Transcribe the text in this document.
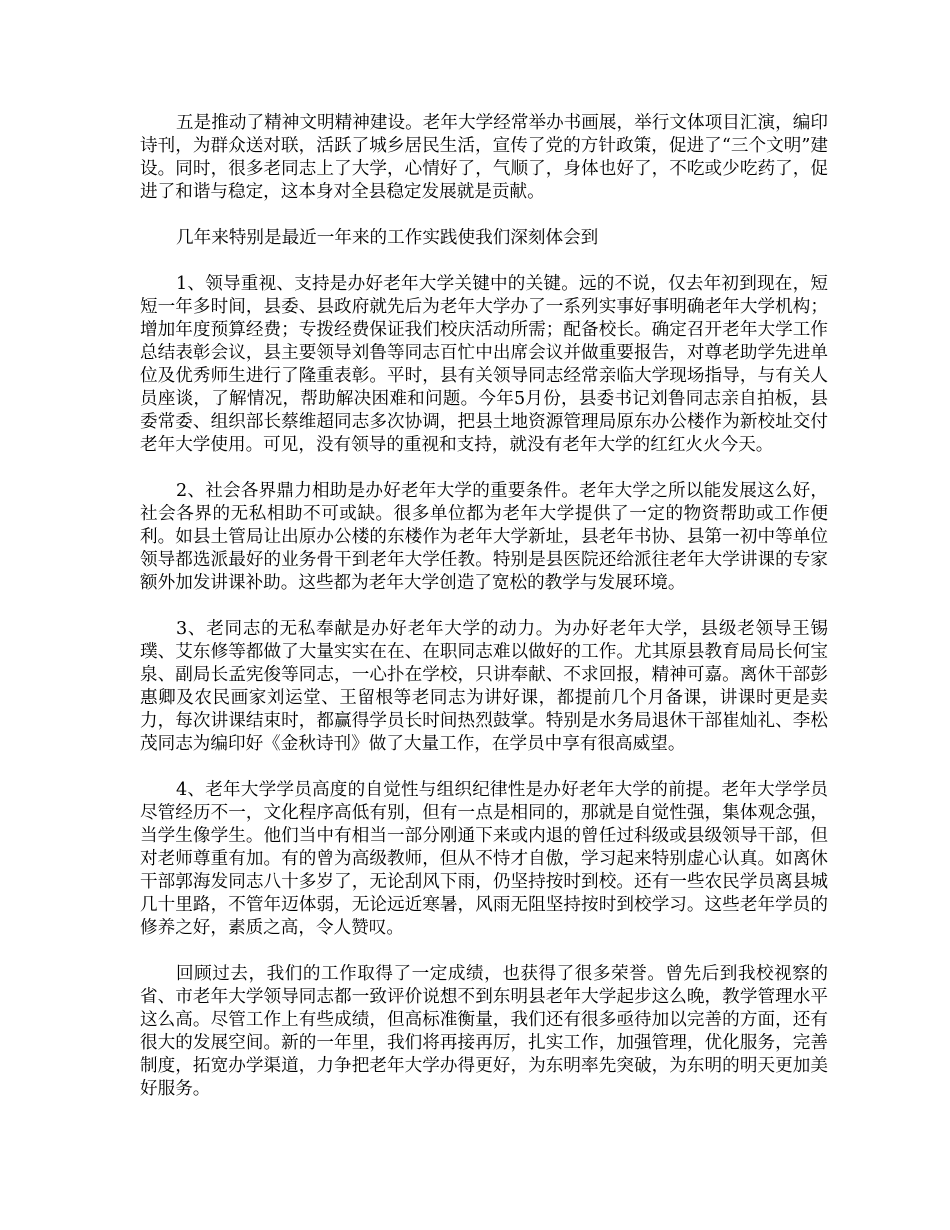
五是推动了精神文明精神建设。老年大学经常举办书画展，举行文体项目汇演，编印诗刊，为群众送对联，活跃了城乡居民生活，宣传了党的方针政策，促进了“三个文明”建设。同时，很多老同志上了大学，心情好了，气顺了，身体也好了，不吃或少吃药了，促进了和谐与稳定，这本身对全县稳定发展就是贡献。

几年来特别是最近一年来的工作实践使我们深刻体会到

1、领导重视、支持是办好老年大学关键中的关键。远的不说，仅去年初到现在，短短一年多时间，县委、县政府就先后为老年大学办了一系列实事好事明确老年大学机构；增加年度预算经费；专拨经费保证我们校庆活动所需；配备校长。确定召开老年大学工作总结表彰会议，县主要领导刘鲁等同志百忙中出席会议并做重要报告，对尊老助学先进单位及优秀师生进行了隆重表彰。平时，县有关领导同志经常亲临大学现场指导，与有关人员座谈，了解情况，帮助解决困难和问题。今年5月份，县委书记刘鲁同志亲自拍板，县委常委、组织部长蔡维超同志多次协调，把县土地资源管理局原东办公楼作为新校址交付老年大学使用。可见，没有领导的重视和支持，就没有老年大学的红红火火今天。

2、社会各界鼎力相助是办好老年大学的重要条件。老年大学之所以能发展这么好，社会各界的无私相助不可或缺。很多单位都为老年大学提供了一定的物资帮助或工作便利。如县土管局让出原办公楼的东楼作为老年大学新址，县老年书协、县第一初中等单位领导都选派最好的业务骨干到老年大学任教。特别是县医院还给派往老年大学讲课的专家额外加发讲课补助。这些都为老年大学创造了宽松的教学与发展环境。

3、老同志的无私奉献是办好老年大学的动力。为办好老年大学，县级老领导王锡璞、艾东修等都做了大量实实在在、在职同志难以做好的工作。尤其原县教育局局长何宝泉、副局长孟宪俊等同志，一心扑在学校，只讲奉献、不求回报，精神可嘉。离休干部彭惠卿及农民画家刘运堂、王留根等老同志为讲好课，都提前几个月备课，讲课时更是卖力，每次讲课结束时，都赢得学员长时间热烈鼓掌。特别是水务局退休干部崔灿礼、李松茂同志为编印好《金秋诗刊》做了大量工作，在学员中享有很高威望。

4、老年大学学员高度的自觉性与组织纪律性是办好老年大学的前提。老年大学学员尽管经历不一，文化程序高低有别，但有一点是相同的，那就是自觉性强，集体观念强，当学生像学生。他们当中有相当一部分刚通下来或内退的曾任过科级或县级领导干部，但对老师尊重有加。有的曾为高级教师，但从不恃才自傲，学习起来特别虚心认真。如离休干部郭海发同志八十多岁了，无论刮风下雨，仍坚持按时到校。还有一些农民学员离县城几十里路，不管年迈体弱，无论远近寒暑，风雨无阻坚持按时到校学习。这些老年学员的修养之好，素质之高，令人赞叹。

回顾过去，我们的工作取得了一定成绩，也获得了很多荣誉。曾先后到我校视察的省、市老年大学领导同志都一致评价说想不到东明县老年大学起步这么晚，教学管理水平这么高。尽管工作上有些成绩，但高标准衡量，我们还有很多亟待加以完善的方面，还有很大的发展空间。新的一年里，我们将再接再厉，扎实工作，加强管理，优化服务，完善制度，拓宽办学渠道，力争把老年大学办得更好，为东明率先突破，为东明的明天更加美好服务。
